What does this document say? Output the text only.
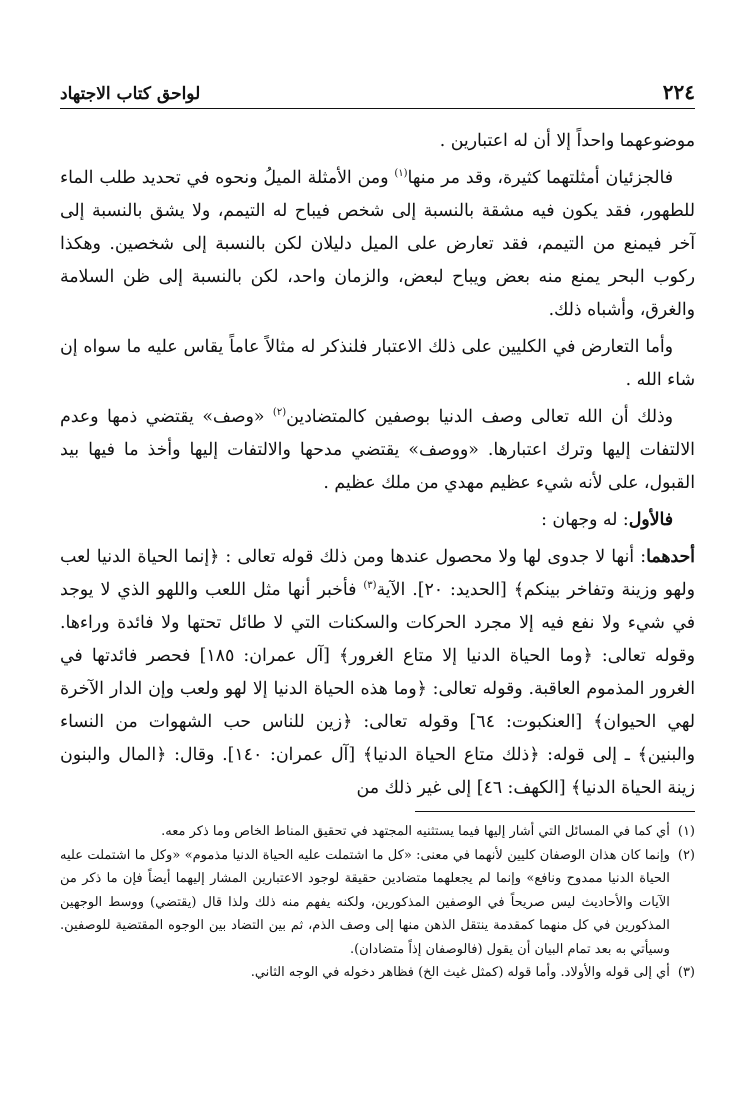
٢٢٤
لواحق كتاب الاجتهاد

موضوعهما واحداً إلا أن له اعتبارين .

فالجزئيان أمثلتهما كثيرة، وقد مر منها$^{(١)}$ ومن الأمثلة الميلُ ونحوه في تحديد طلب الماء للطهور، فقد يكون فيه مشقة بالنسبة إلى شخص فيباح له التيمم، ولا يشق بالنسبة إلى آخر فيمنع من التيمم، فقد تعارض على الميل دليلان لكن بالنسبة إلى شخصين. وهكذا ركوب البحر يمنع منه بعض ويباح لبعض، والزمان واحد، لكن بالنسبة إلى ظن السلامة والغرق، وأشباه ذلك.

وأما التعارض في الكليين على ذلك الاعتبار فلنذكر له مثالاً عاماً يقاس عليه ما سواه إن شاء الله .

وذلك أن الله تعالى وصف الدنيا بوصفين كالمتضادين$^{(٢)}$ «وصف» يقتضي ذمها وعدم الالتفات إليها وترك اعتبارها. «ووصف» يقتضي مدحها والالتفات إليها وأخذ ما فيها بيد القبول، على لأنه شيء عظيم مهدي من ملك عظيم .

فالأول: له وجهان :

أحدهما: أنها لا جدوى لها ولا محصول عندها ومن ذلك قوله تعالى : ﴿إنما الحياة الدنيا لعب ولهو وزينة وتفاخر بينكم﴾ [الحديد: ٢٠]. الآية$^{(٣)}$ فأخبر أنها مثل اللعب واللهو الذي لا يوجد في شيء ولا نفع فيه إلا مجرد الحركات والسكنات التي لا طائل تحتها ولا فائدة وراءها. وقوله تعالى: ﴿وما الحياة الدنيا إلا متاع الغرور﴾ [آل عمران: ١٨٥] فحصر فائدتها في الغرور المذموم العاقبة. وقوله تعالى: ﴿وما هذه الحياة الدنيا إلا لهو ولعب وإن الدار الآخرة لهي الحيوان﴾ [العنكبوت: ٦٤] وقوله تعالى: ﴿زين للناس حب الشهوات من النساء والبنين﴾ ـ إلى قوله: ﴿ذلك متاع الحياة الدنيا﴾ [آل عمران: ١٤٠]. وقال: ﴿المال والبنون زينة الحياة الدنيا﴾ [الكهف: ٤٦] إلى غير ذلك من

(١)
أي كما في المسائل التي أشار إليها فيما يستثنيه المجتهد في تحقيق المناط الخاص وما ذكر معه.
(٢)
وإنما كان هذان الوصفان كليين لأنهما في معنى: «كل ما اشتملت عليه الحياة الدنيا مذموم» «وكل ما اشتملت عليه الحياة الدنيا ممدوح ونافع» وإنما لم يجعلهما متضادين حقيقة لوجود الاعتبارين المشار إليهما أيضاً فإن ما ذكر من الآيات والأحاديث ليس صريحاً في الوصفين المذكورين، ولكنه يفهم منه ذلك ولذا قال (يقتضي) ووسط الوجهين المذكورين في كل منهما كمقدمة ينتقل الذهن منها إلى وصف الذم، ثم بين التضاد بين الوجوه المقتضية للوصفين. وسيأتي به بعد تمام البيان أن يقول (فالوصفان إذاً متضادان).
(٣)
أي إلى قوله والأولاد. وأما قوله (كمثل غيث الخ) فظاهر دخوله في الوجه الثاني.
